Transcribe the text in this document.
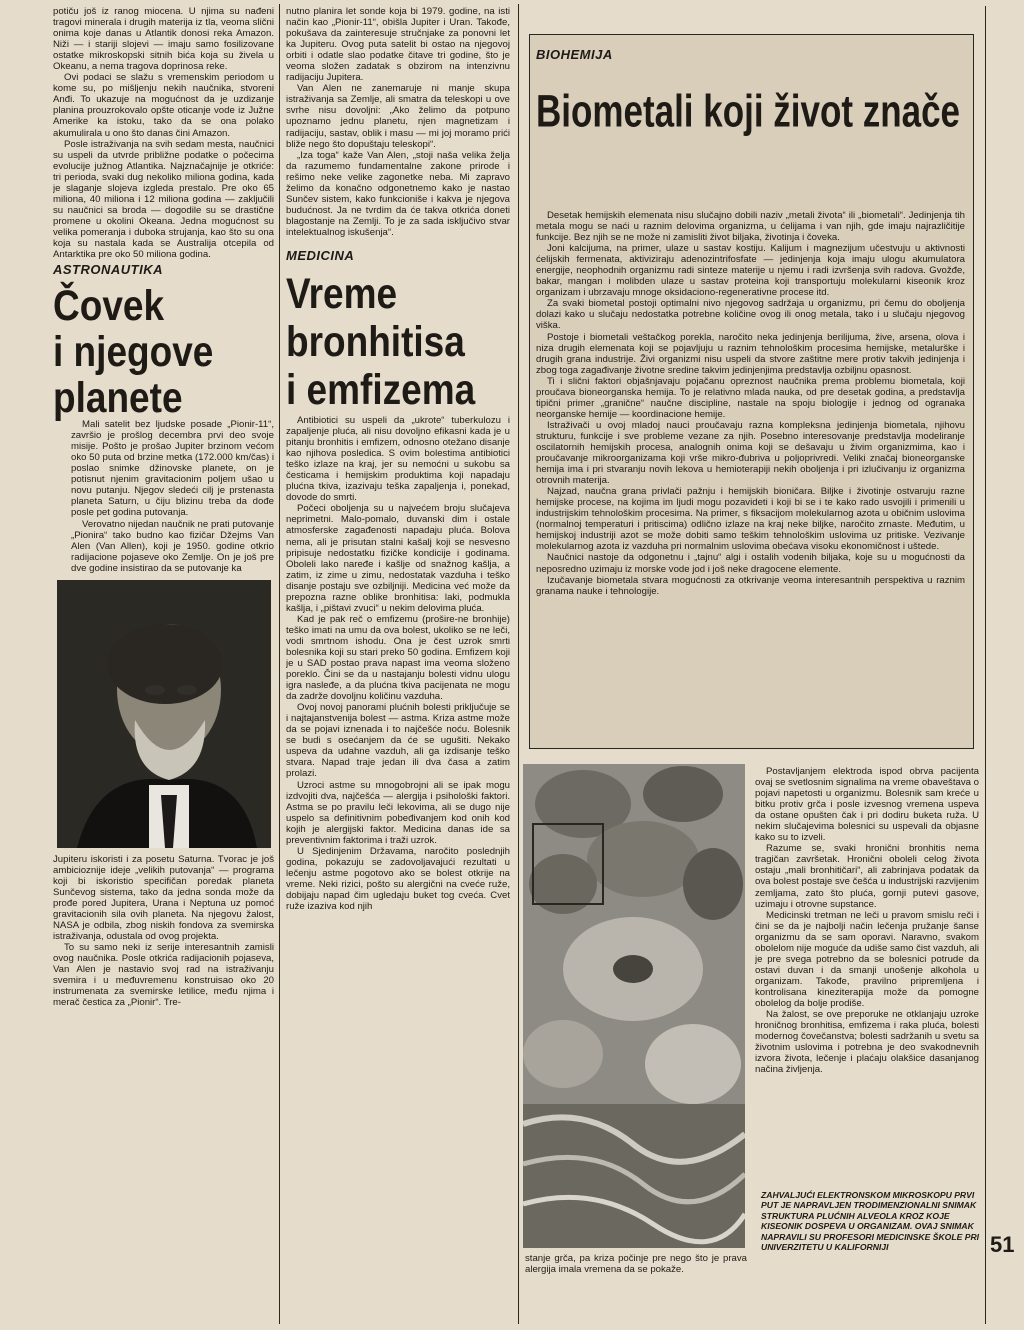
potiču još iz ranog miocena. U njima su nađeni tragovi minerala i drugih materija iz tla, veoma slični onima koje danas u Atlantik donosi reka Amazon. Niži — i stariji slojevi — imaju samo fosilizovane ostatke mikroskopski sitnih bića koja su živela u Okeanu, a nema tragova doprinosa reke.

Ovi podaci se slažu s vremenskim periodom u kome su, po mišljenju nekih naučnika, stvoreni Anđi. To ukazuje na mogućnost da je uzdizanje planina prouzrokovalo opšte oticanje vode iz Južne Amerike ka istoku, tako da se ona polako akumulirala u ono što danas čini Amazon.

Posle istraživanja na svih sedam mesta, naučnici su uspeli da utvrde približne podatke o počecima evolucije južnog Atlantika. Najznačajnije je otkriće: tri perioda, svaki dug nekoliko miliona godina, kada je slaganje slojeva izgleda prestalo. Pre oko 65 miliona, 40 miliona i 12 miliona godina — zaključili su naučnici sa broda — dogodile su se drastične promene u okolini Okeana. Jedna mogućnost su velika pomeranja i duboka strujanja, kao što su ona koja su nastala kada se Australija otcepila od Antarktika pre oko 50 miliona godina.

ASTRONAUTIKA
Čovek
i njegove
planete

Mali satelit bez ljudske posade „Pionir-11“, završio je prošlog decembra prvi deo svoje misije. Pošto je prošao Jupiter brzinom većom oko 50 puta od brzine metka (172.000 km/čas) i poslao snimke džinovske planete, on je potisnut njenim gravitacionim poljem ušao u novu putanju. Njegov sledeći cilj je prstenasta planeta Saturn, u čiju blizinu treba da dođe posle pet godina putovanja.

Verovatno nijedan naučnik ne prati putovanje „Pionira“ tako budno kao fizičar Džejms Van Alen (Van Allen), koji je 1950. godine otkrio radijacione pojaseve oko Zemlje. On je još pre dve godine insistirao da se putovanje ka

Jupiteru iskoristi i za posetu Saturna. Tvorac je još ambicioznije ideje „velikih putovanja“ — programa koji bi iskoristio specifičan poredak planeta Sunčevog sistema, tako da jedna sonda može da prođe pored Jupitera, Urana i Neptuna uz pomoć gravitacionih sila ovih planeta. Na njegovu žalost, NASA je odbila, zbog niskih fondova za svemirska istraživanja, odustala od ovog projekta.

To su samo neki iz serije interesantnih zamisli ovog naučnika. Posle otkrića radijacionih pojaseva, Van Alen je nastavio svoj rad na istraživanju svemira i u međuvremenu konstruisao oko 20 instrumenata za svemirske letilice, među njima i merač čestica za „Pionir“. Tre-

nutno planira let sonde koja bi 1979. godine, na isti način kao „Pionir-11“, obišla Jupiter i Uran. Takođe, pokušava da zainteresuje stručnjake za ponovni let ka Jupiteru. Ovog puta satelit bi ostao na njegovoj orbiti i odatle slao podatke čitave tri godine, što je veoma složen zadatak s obzirom na intenzivnu radijaciju Jupitera.

Van Alen ne zanemaruje ni manje skupa istraživanja sa Zemlje, ali smatra da teleskopi u ove svrhe nisu dovoljni: „Ako želimo da potpuno upoznamo jednu planetu, njen magnetizam i radijaciju, sastav, oblik i masu — mi joj moramo prići bliže nego što dopuštaju teleskopi“.

„Iza toga“ kaže Van Alen, „stoji naša velika želja da razumemo fundamentalne zakone prirode i rešimo neke velike zagonetke neba. Mi zapravo želimo da konačno odgonetnemo kako je nastao Sunčev sistem, kako funkcioniše i kakva je njegova budućnost. Ja ne tvrdim da će takva otkrića doneti blagostanje na Zemlji. To je za sada isključivo stvar intelektualnog iskušenja“.

MEDICINA
Vreme
bronhitisa
i emfizema

Antibiotici su uspeli da „ukrote“ tuberkulozu i zapaljenje pluća, ali nisu dovoljno efikasni kada je u pitanju bronhitis i emfizem, odnosno otežano disanje kao njihova posledica. S ovim bolestima antibiotici teško izlaze na kraj, jer su nemoćni u sukobu sa česticama i hemijskim produktima koji napadaju plućna tkiva, izazivaju teška zapaljenja i, ponekad, dovode do smrti.

Počeci oboljenja su u najvećem broju slučajeva neprimetni. Malo-pomalo, duvanski dim i ostale atmosferske zagađenosti napadaju pluća. Bolova nema, ali je prisutan stalni kašalj koji se nesvesno pripisuje nedostatku fizičke kondicije i godinama. Oboleli lako naređe i kašlje od snažnog kašlja, a zatim, iz zime u zimu, nedostatak vazduha i teško disanje postaju sve ozbiljniji. Medicina već može da prepozna razne oblike bronhitisa: laki, podmukla kašlja, i „pištavi zvuci“ u nekim delovima pluća.

Kad je pak reč o emfizemu (prošire-ne bronhije) teško imati na umu da ova bolest, ukoliko se ne leči, vodi smrtnom ishodu. Ona je čest uzrok smrti bolesnika koji su stari preko 50 godina. Emfizem koji je u SAD postao prava napast ima veoma složeno poreklo. Čini se da u nastajanju bolesti vidnu ulogu igra nasleđe, a da plućna tkiva pacijenata ne mogu da zadrže dovoljnu količinu vazduha.

Ovoj novoj panorami plućnih bolesti priključuje se i najtajanstvenija bolest — astma. Kriza astme može da se pojavi iznenada i to najčešće noću. Bolesnik se budi s osećanjem da će se ugušiti. Nekako uspeva da udahne vazduh, ali ga izdisanje teško stvara. Napad traje jedan ili dva časa a zatim prolazi.

Uzroci astme su mnogobrojni ali se ipak mogu izdvojiti dva, najčešća — alergija i psihološki faktori. Astma se po pravilu leči lekovima, ali se dugo nije uspelo sa definitivnim pobeđivanjem kod onih kod kojih je alergijski faktor. Medicina danas ide sa preventivnim faktorima i traži uzrok.

U Sjedinjenim Državama, naročito poslednjih godina, pokazuju se zadovoljavajući rezultati u lečenju astme pogotovo ako se bolest otkrije na vreme. Neki rizici, pošto su alergični na cveće ruže, dobijaju napad čim ugledaju buket tog cveća. Cvet ruže izaziva kod njih

BIOHEMIJA
Biometali koji život znače

Desetak hemijskih elemenata nisu slučajno dobili naziv „metali života“ ili „biometali“. Jedinjenja tih metala mogu se naći u raznim delovima organizma, u ćelijama i van njih, gde imaju najrazličitije funkcije. Bez njih se ne može ni zamisliti život biljaka, životinja i čoveka.

Joni kalcijuma, na primer, ulaze u sastav kostiju. Kalijum i magnezijum učestvuju u aktivnosti ćelijskih fermenata, aktiviziraju adenozintrifosfate — jedinjenja koja imaju ulogu akumulatora energije, neophodnih organizmu radi sinteze materije u njemu i radi izvršenja svih radova. Gvožđe, bakar, mangan i molibden ulaze u sastav proteina koji transportuju molekularni kiseonik kroz organizam i ubrzavaju mnoge oksidaciono-regenerativne procese itd.

Za svaki biometal postoji optimalni nivo njegovog sadržaja u organizmu, pri čemu do oboljenja dolazi kako u slučaju nedostatka potrebne količine ovog ili onog metala, tako i u slučaju njegovog viška.

Postoje i biometali veštačkog porekla, naročito neka jedinjenja berilijuma, žive, arsena, olova i niza drugih elemenata koji se pojavljuju u raznim tehnološkim procesima hemijske, metalurške i drugih grana industrije. Živi organizmi nisu uspeli da stvore zaštitne mere protiv takvih jedinjenja i zbog toga zagađivanje životne sredine takvim jedinjenjima predstavlja ozbiljnu opasnost.

Ti i slični faktori objašnjavaju pojačanu opreznost naučnika prema problemu biometala, koji proučava bioneorganska hemija. To je relativno mlada nauka, od pre desetak godina, a predstavlja tipični primer „granične“ naučne discipline, nastale na spoju biologije i jednog od ogranaka neorganske hemije — koordinacione hemije.

Istraživači u ovoj mladoj nauci proučavaju razna kompleksna jedinjenja biometala, njihovu strukturu, funkcije i sve probleme vezane za njih. Posebno interesovanje predstavlja modeliranje oscilatornih hemijskih procesa, analognih onima koji se dešavaju u živim organizmima, kao i proučavanje mikroorganizama koji vrše mikro-đubriva u poljoprivredi. Veliki značaj bioneorganske hemija ima i pri stvaranju novih lekova u hemioterapiji nekih oboljenja i pri izlučivanju iz organizma otrovnih materija.

Najzad, naučna grana privlači pažnju i hemijskih bioničara. Biljke i životinje ostvaruju razne hemijske procese, na kojima im ljudi mogu pozavideti i koji bi se i te kako rado usvojili i primenili u industrijskim tehnološkim procesima. Na primer, s fiksacijom molekularnog azota u običnim uslovima (normalnoj temperaturi i pritiscima) odlično izlaze na kraj neke biljke, naročito zrnaste. Međutim, u hemijskoj industriji azot se može dobiti samo teškim tehnološkim uslovima uz pritiske. Vezivanje molekularnog azota iz vazduha pri normalnim uslovima obećava visoku ekonomičnost i uštede.

Naučnici nastoje da odgonetnu i „tajnu“ algi i ostalih vodenih biljaka, koje su u mogućnosti da neposredno uzimaju iz morske vode jod i još neke dragocene elemente.

Izučavanje biometala stvara mogućnosti za otkrivanje veoma interesantnih perspektiva u raznim granama nauke i tehnologije.

stanje grča, pa kriza počinje pre nego što je prava alergija imala vremena da se pokaže.

Postavljanjem elektroda ispod obrva pacijenta ovaj se svetlosnim signalima na vreme obaveštava o pojavi napetosti u organizmu. Bolesnik sam kreće u bitku protiv grča i posle izvesnog vremena uspeva da ostane opušten čak i pri dodiru buketa ruža. U nekim slučajevima bolesnici su uspevali da objasne kako su to izveli.

Razume se, svaki hronični bronhitis nema tragičan završetak. Hronični oboleli celog života ostaju „mali bronhitičari“, ali zabrinjava podatak da ova bolest postaje sve češća u industrijski razvijenim zemljama, zato što pluća, gornji putevi gasove, uzimaju i otrovne supstance.

Medicinski tretman ne leči u pravom smislu reči i čini se da je najbolji način lečenja pružanje šanse organizmu da se sam oporavi. Naravno, svakom obolelom nije moguće da udiše samo čist vazduh, ali je pre svega potrebno da se bolesnici potrude da ostavi duvan i da smanji unošenje alkohola u organizam. Takođe, pravilno pripremljena i kontrolisana kineziterapija može da pomogne obolelog da bolje prodiše.

Na žalost, se ove preporuke ne otklanjaju uzroke hroničnog bronhitisa, emfizema i raka pluća, bolesti modernog čovečanstva; bolesti sadržanih u svetu sa životnim uslovima i potrebna je deo svakodnevnih izvora života, lečenje i plaćaju olakšice dasanjanog načina življenja.

ZAHVALJUĆI ELEKTRONSKOM MIKROSKOPU PRVI PUT JE NAPRAVLJEN TRODIMENZIONALNI SNIMAK STRUKTURA PLUĆNIH ALVEOLA KROZ KOJE KISEONIK DOSPEVA U ORGANIZAM. OVAJ SNIMAK NAPRAVILI SU PROFESORI MEDICINSKE ŠKOLE PRI UNIVERZITETU U KALIFORNIJI	51
